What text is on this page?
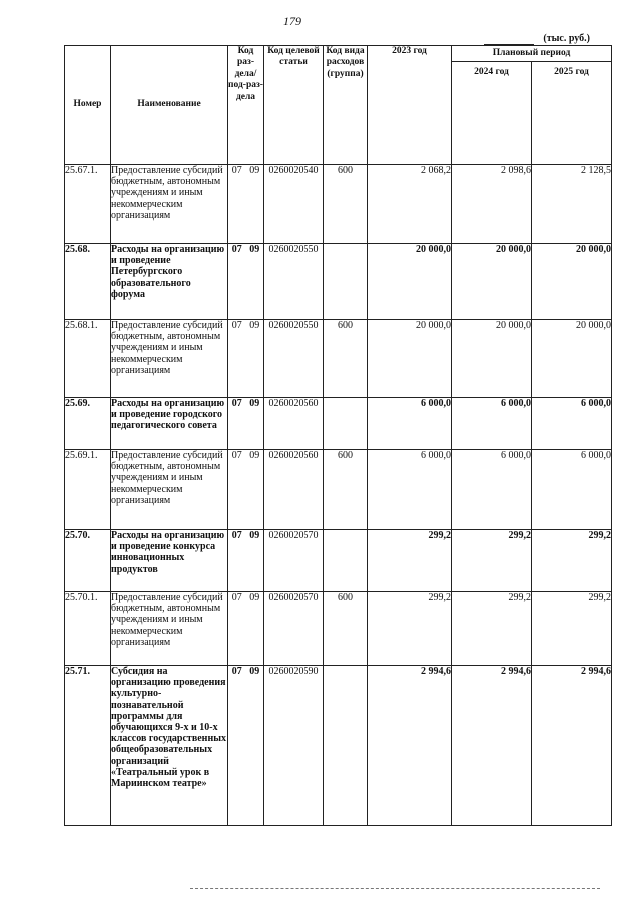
179
(тыс. руб.)
Номер	Наименование	Код раз-дела/ под-раз-дела		Код целевой статьи	Код вида расходов (группа)	2023 год	Плановый период	
							2024 год	2025 год
25.67.1.	Предоставление субсидий бюджетным, автономным учреждениям и иным некоммерческим организациям	07	09	0260020540	600	2 068,2	2 098,6	2 128,5
25.68.	Расходы на организацию и проведение Петербургского образовательного форума	07	09	0260020550		20 000,0	20 000,0	20 000,0
25.68.1.	Предоставление субсидий бюджетным, автономным учреждениям и иным некоммерческим организациям	07	09	0260020550	600	20 000,0	20 000,0	20 000,0
25.69.	Расходы на организацию и проведение городского педагогического совета	07	09	0260020560		6 000,0	6 000,0	6 000,0
25.69.1.	Предоставление субсидий бюджетным, автономным учреждениям и иным некоммерческим организациям	07	09	0260020560	600	6 000,0	6 000,0	6 000,0
25.70.	Расходы на организацию и проведение конкурса инновационных продуктов	07	09	0260020570		299,2	299,2	299,2
25.70.1.	Предоставление субсидий бюджетным, автономным учреждениям и иным некоммерческим организациям	07	09	0260020570	600	299,2	299,2	299,2
25.71.	Субсидия на организацию проведения культурно-познавательной программы для обучающихся 9-х и 10-х классов государственных общеобразовательных организаций «Театральный урок в Мариинском театре»	07	09	0260020590		2 994,6	2 994,6	2 994,6
